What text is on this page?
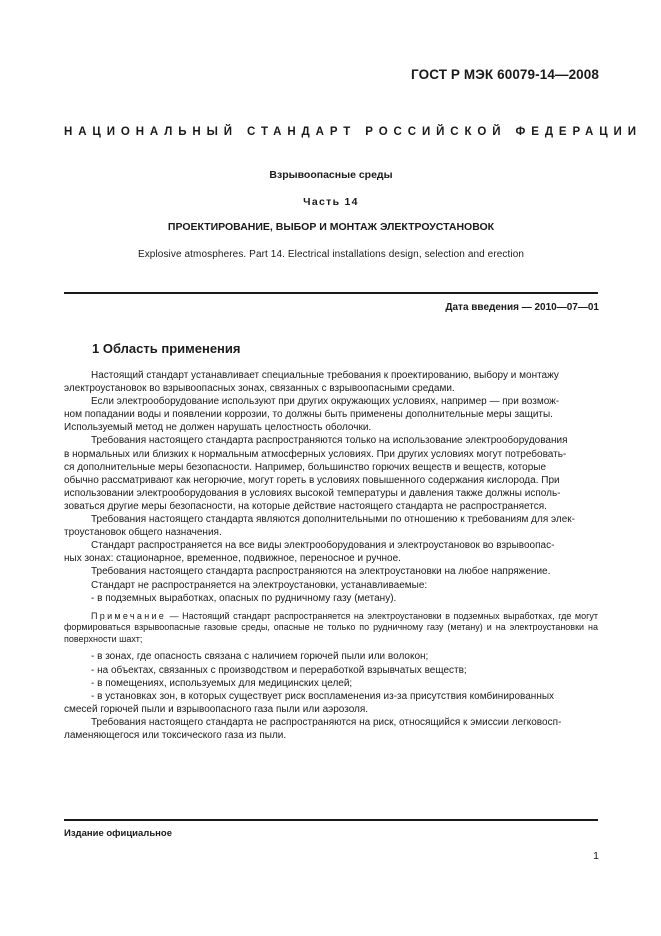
ГОСТ Р МЭК 60079-14—2008
НАЦИОНАЛЬНЫЙ СТАНДАРТ РОССИЙСКОЙ ФЕДЕРАЦИИ
Взрывоопасные среды
Часть 14
ПРОЕКТИРОВАНИЕ, ВЫБОР И МОНТАЖ ЭЛЕКТРОУСТАНОВОК
Explosive atmospheres. Part 14. Electrical installations design, selection and erection
Дата введения — 2010—07—01
1 Область применения

Настоящий стандарт устанавливает специальные требования к проектированию, выбору и монтажу

электроустановок во взрывоопасных зонах, связанных с взрывоопасными средами.

Если электрооборудование используют при других окружающих условиях, например — при возмож-

ном попадании воды и появлении коррозии, то должны быть применены дополнительные меры защиты.

Используемый метод не должен нарушать целостность оболочки.

Требования настоящего стандарта распространяются только на использование электрооборудования

в нормальных или близких к нормальным атмосферных условиях. При других условиях могут потребовать-

ся дополнительные меры безопасности. Например, большинство горючих веществ и веществ, которые

обычно рассматривают как негорючие, могут гореть в условиях повышенного содержания кислорода. При

использовании электрооборудования в условиях высокой температуры и давления также должны исполь-

зоваться другие меры безопасности, на которые действие настоящего стандарта не распространяется.

Требования настоящего стандарта являются дополнительными по отношению к требованиям для элек-

троустановок общего назначения.

Стандарт распространяется на все виды электрооборудования и электроустановок во взрывоопас-

ных зонах: стационарное, временное, подвижное, переносное и ручное.

Требования настоящего стандарта распространяются на электроустановки на любое напряжение.

Стандарт не распространяется на электроустановки, устанавливаемые:

- в подземных выработках, опасных по рудничному газу (метану).

Примечание — Настоящий стандарт распространяется на электроустановки в подземных выработках, где могут формироваться взрывоопасные газовые среды, опасные не только по рудничному газу (метану) и на электроустановки на поверхности шахт;

- в зонах, где опасность связана с наличием горючей пыли или волокон;

- на объектах, связанных с производством и переработкой взрывчатых веществ;

- в помещениях, используемых для медицинских целей;

- в установках зон, в которых существует риск воспламенения из-за присутствия комбинированных

смесей горючей пыли и взрывоопасного газа пыли или аэрозоля.

Требования настоящего стандарта не распространяются на риск, относящийся к эмиссии легковосп-

ламеняющегося или токсического газа из пыли.

Издание официальное
1
